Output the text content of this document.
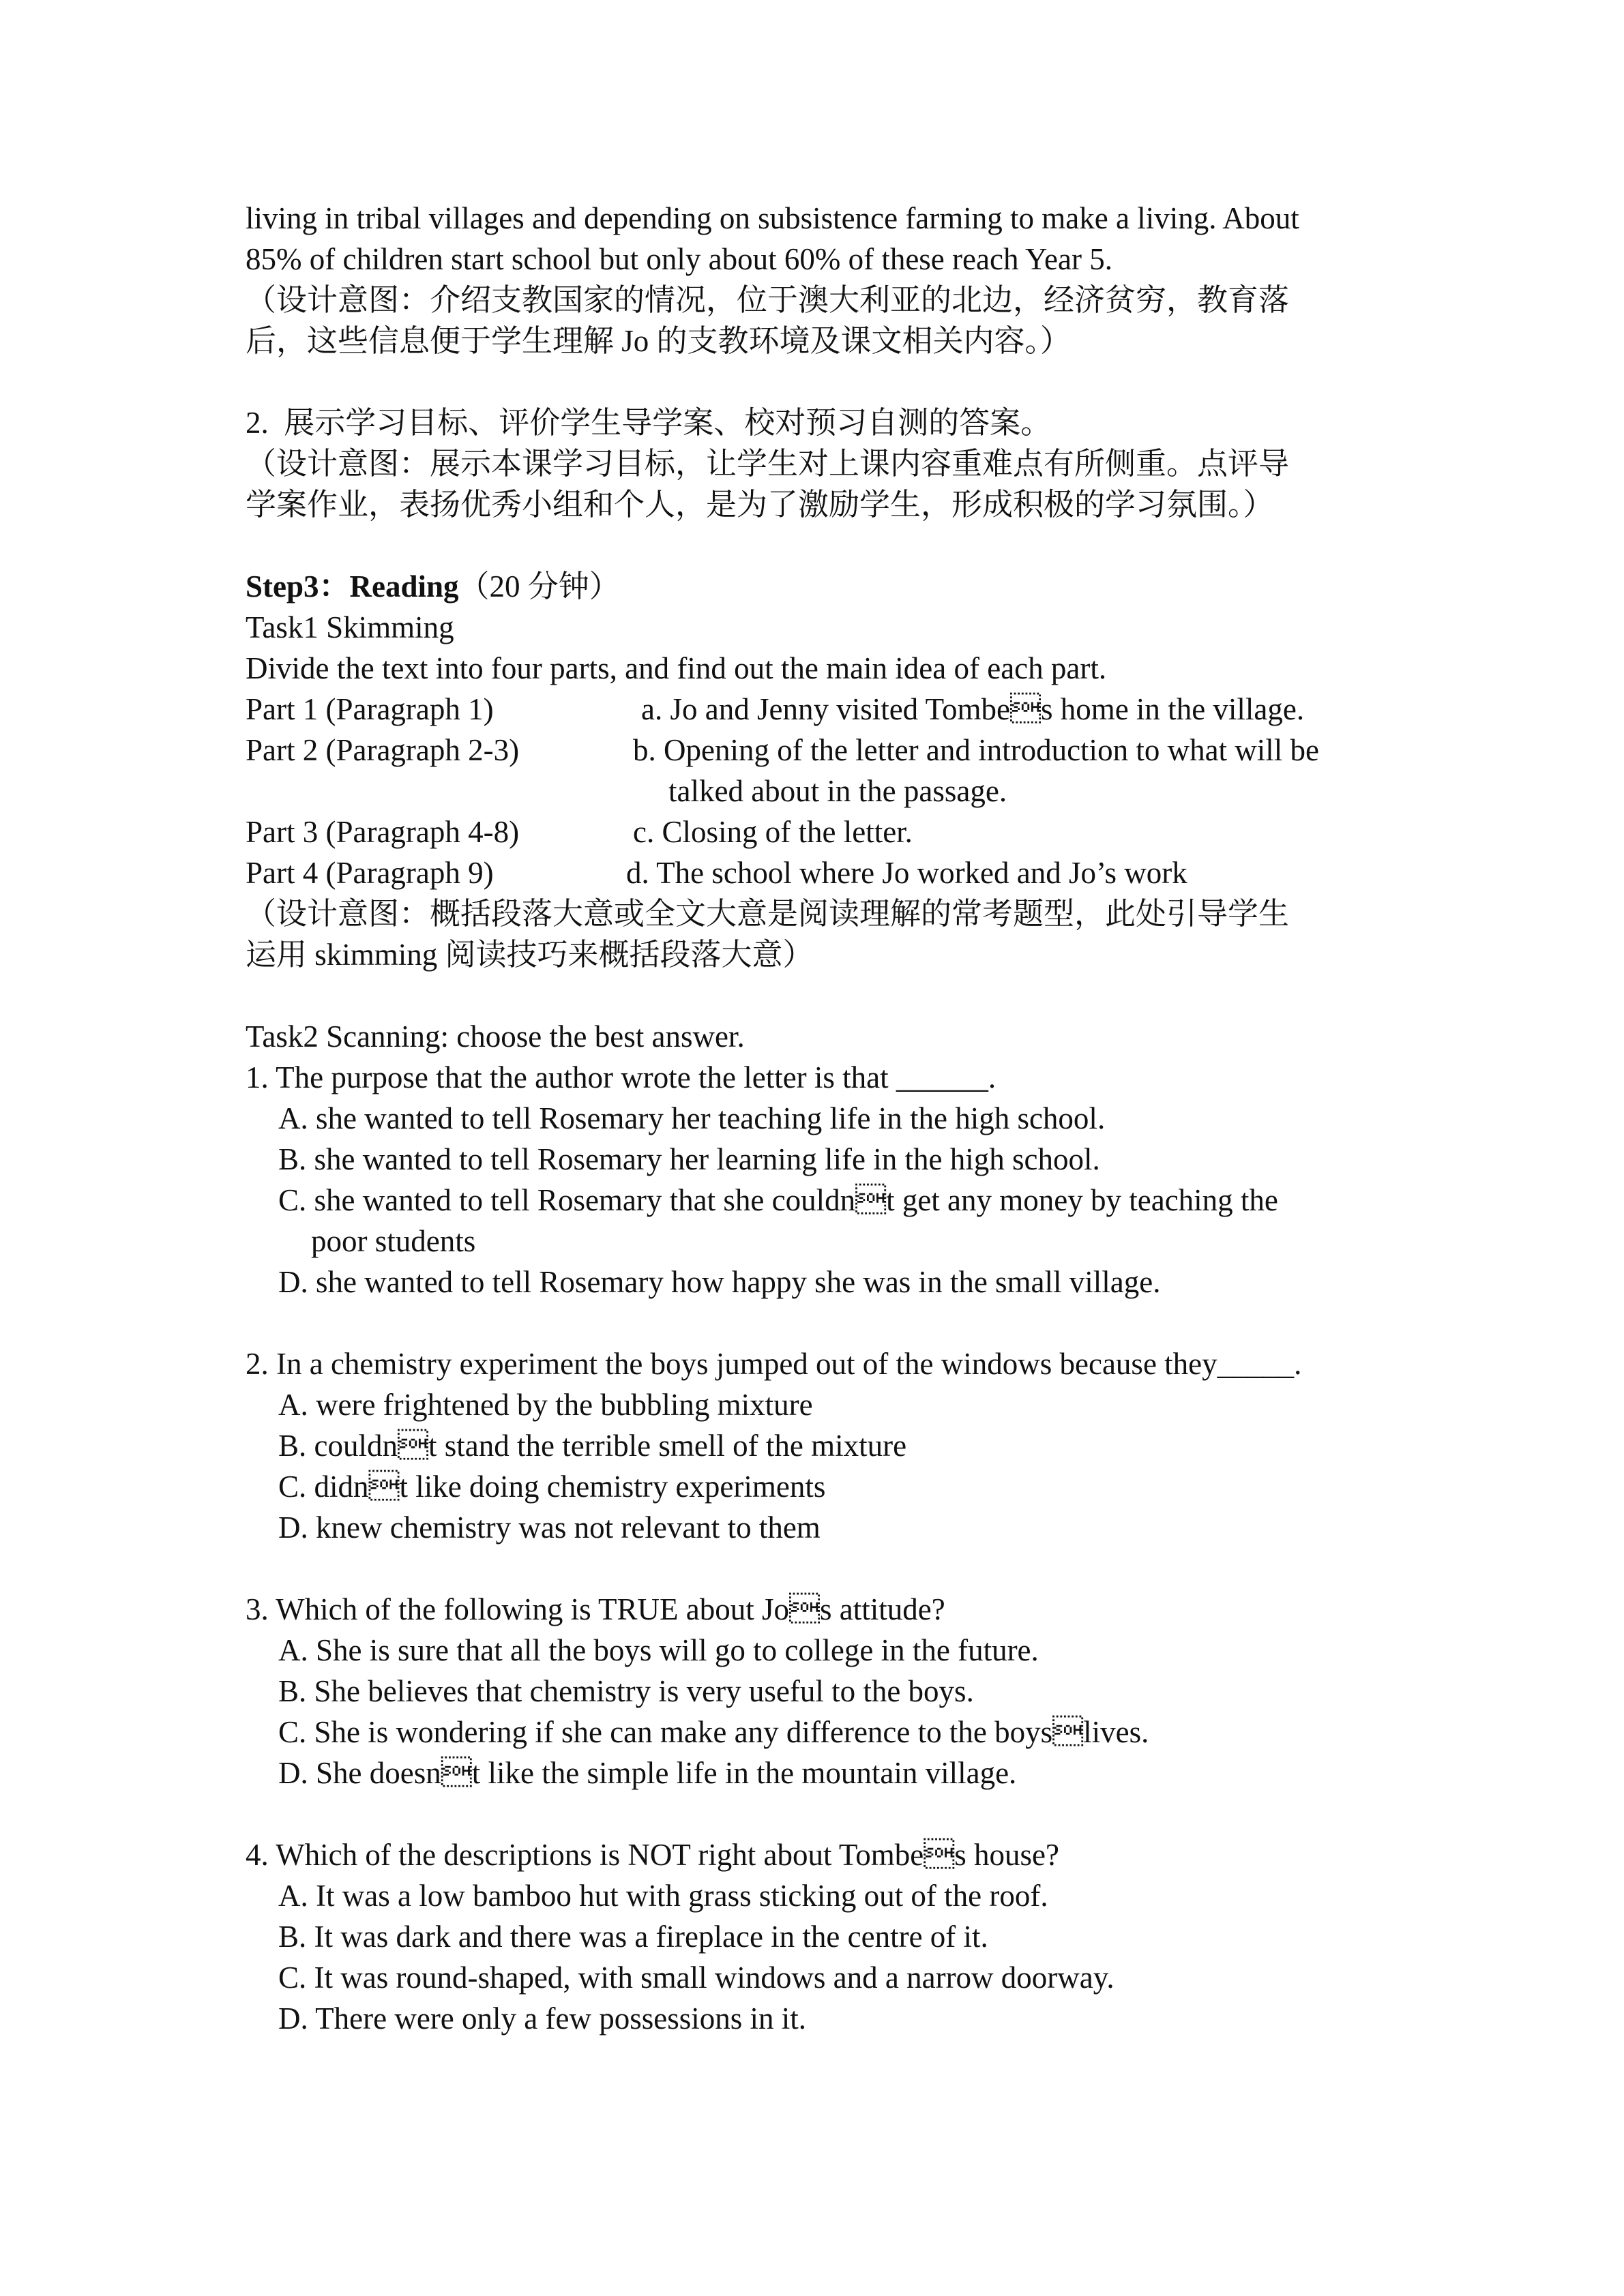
living in tribal villages and depending on subsistence farming to make a living. About
85% of children start school but only about 60% of these reach Year 5.
（设计意图：介绍支教国家的情况，位于澳大利亚的北边，经济贫穷，教育落
后，这些信息便于学生理解 Jo 的支教环境及课文相关内容。）
2.  展示学习目标、评价学生导学案、校对预习自测的答案。
（设计意图：展示本课学习目标，让学生对上课内容重难点有所侧重。点评导
学案作业，表扬优秀小组和个人，是为了激励学生，形成积极的学习氛围。）
Step3：Reading（20 分钟）
Task1 Skimming
Divide the text into four parts, and find out the main idea of each part.
Part 1 (Paragraph 1)	a. Jo and Jenny visited Tombes home in the village.
Part 2 (Paragraph 2-3)	b. Opening of the letter and introduction to what will be
talked about in the passage.
Part 3 (Paragraph 4-8)	c. Closing of the letter.
Part 4 (Paragraph 9)	d. The school where Jo worked and Jo’s work
（设计意图：概括段落大意或全文大意是阅读理解的常考题型，此处引导学生
运用 skimming 阅读技巧来概括段落大意）
Task2 Scanning: choose the best answer.
1. The purpose that the author wrote the letter is that ______.
A. she wanted to tell Rosemary her teaching life in the high school.
B. she wanted to tell Rosemary her learning life in the high school.
C. she wanted to tell Rosemary that she couldnt get any money by teaching the
poor students
D. she wanted to tell Rosemary how happy she was in the small village.
2. In a chemistry experiment the boys jumped out of the windows because they_____.
A. were frightened by the bubbling mixture
B. couldnt stand the terrible smell of the mixture
C. didnt like doing chemistry experiments
D. knew chemistry was not relevant to them
3. Which of the following is TRUE about Jos attitude?
A. She is sure that all the boys will go to college in the future.
B. She believes that chemistry is very useful to the boys.
C. She is wondering if she can make any difference to the boyslives.
D. She doesnt like the simple life in the mountain village.
4. Which of the descriptions is NOT right about Tombes house?
A. It was a low bamboo hut with grass sticking out of the roof.
B. It was dark and there was a fireplace in the centre of it.
C. It was round-shaped, with small windows and a narrow doorway.
D. There were only a few possessions in it.
